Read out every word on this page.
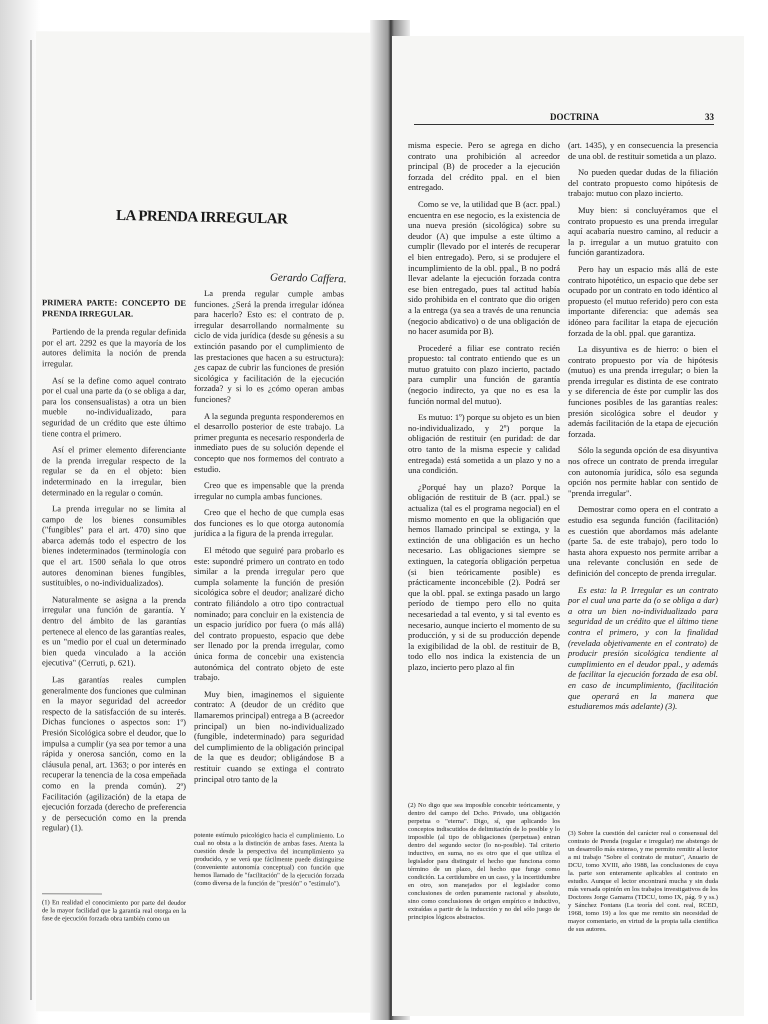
LA PRENDA IRREGULAR
Gerardo Caffera.

PRIMERA PARTE: CONCEPTO DE PRENDA IRREGULAR.

Partiendo de la prenda regular definida por el art. 2292 es que la mayoría de los autores delimita la noción de prenda irregular.

Así se la define como aquel contrato por el cual una parte da (o se obliga a dar, para los consensualistas) a otra un bien mueble no-individualizado, para seguridad de un crédito que este último tiene contra el primero.

Así el primer elemento diferenciante de la prenda irregular respecto de la regular se da en el objeto: bien indeterminado en la irregular, bien determinado en la regular o común.

La prenda irregular no se limita al campo de los bienes consumibles ("fungibles" para el art. 470) sino que abarca además todo el espectro de los bienes indeterminados (terminología con que el art. 1500 señala lo que otros autores denominan bienes fungibles, sustituibles, o no-individualizados).

Naturalmente se asigna a la prenda irregular una función de garantía. Y dentro del ámbito de las garantías pertenece al elenco de las garantías reales, es un "medio por el cual un determinado bien queda vinculado a la acción ejecutiva" (Cerruti, p. 621).

Las garantías reales cumplen generalmente dos funciones que culminan en la mayor seguridad del acreedor respecto de la satisfacción de su interés. Dichas funciones o aspectos son: 1º) Presión Sicológica sobre el deudor, que lo impulsa a cumplir (ya sea por temor a una rápida y onerosa sanción, como en la cláusula penal, art. 1363; o por interés en recuperar la tenencia de la cosa empeñada como en la prenda común). 2º) Facilitación (agilización) de la etapa de ejecución forzada (derecho de preferencia y de persecución como en la prenda regular) (1).

La prenda regular cumple ambas funciones. ¿Será la prenda irregular idónea para hacerlo? Esto es: el contrato de p. irregular desarrollando normalmente su ciclo de vida jurídica (desde su génesis a su extinción pasando por el cumplimiento de las prestaciones que hacen a su estructura): ¿es capaz de cubrir las funciones de presión sicológica y facilitación de la ejecución forzada? y si lo es ¿cómo operan ambas funciones?

A la segunda pregunta responderemos en el desarrollo posterior de este trabajo. La primer pregunta es necesario responderla de inmediato pues de su solución depende el concepto que nos formemos del contrato a estudio.

Creo que es impensable que la prenda irregular no cumpla ambas funciones.

Creo que el hecho de que cumpla esas dos funciones es lo que otorga autonomía jurídica a la figura de la prenda irregular.

El método que seguiré para probarlo es este: supondré primero un contrato en todo similar a la prenda irregular pero que cumpla solamente la función de presión sicológica sobre el deudor; analizaré dicho contrato filiándolo a otro tipo contractual nominado; para concluir en la existencia de un espacio jurídico por fuera (o más allá) del contrato propuesto, espacio que debe ser llenado por la prenda irregular, como única forma de concebir una existencia autonómica del contrato objeto de este trabajo.

Muy bien, imaginemos el siguiente contrato: A (deudor de un crédito que llamaremos principal) entrega a B (acreedor principal) un bien no-individualizado (fungible, indeterminado) para seguridad del cumplimiento de la obligación principal de la que es deudor; obligándose B a restituir cuando se extinga el contrato principal otro tanto de la

(1) En realidad el conocimiento por parte del deudor de la mayor facilidad que la garantía real otorga en la fase de ejecución forzada obra también como un
potente estímulo psicológico hacia el cumplimiento. Lo cual no obsta a la distinción de ambas fases. Atenta la cuestión desde la perspectiva del incumplimiento ya producido, y se verá que fácilmente puede distinguirse (conveniente autonomía conceptual) con función que hemos llamado de "facilitación" de la ejecución forzada (como diversa de la función de "presión" o "estímulo").
DOCTRINA	33

misma especie. Pero se agrega en dicho contrato una prohibición al acreedor principal (B) de proceder a la ejecución forzada del crédito ppal. en el bien entregado.

Como se ve, la utilidad que B (acr. ppal.) encuentra en ese negocio, es la existencia de una nueva presión (sicológica) sobre su deudor (A) que impulse a este último a cumplir (llevado por el interés de recuperar el bien entregado). Pero, si se produjere el incumplimiento de la obl. ppal., B no podrá llevar adelante la ejecución forzada contra ese bien entregado, pues tal actitud había sido prohibida en el contrato que dio origen a la entrega (ya sea a través de una renuncia (negocio abdicativo) o de una obligación de no hacer asumida por B).

Procederé a filiar ese contrato recién propuesto: tal contrato entiendo que es un mutuo gratuito con plazo incierto, pactado para cumplir una función de garantía (negocio indirecto, ya que no es esa la función normal del mutuo).

Es mutuo: 1º) porque su objeto es un bien no-individualizado, y 2º) porque la obligación de restituir (en puridad: de dar otro tanto de la misma especie y calidad entregada) está sometida a un plazo y no a una condición.

¿Porqué hay un plazo? Porque la obligación de restituir de B (acr. ppal.) se actualiza (tal es el programa negocial) en el mismo momento en que la obligación que hemos llamado principal se extinga, y la extinción de una obligación es un hecho necesario. Las obligaciones siempre se extinguen, la categoría obligación perpetua (si bien teóricamente posible) es prácticamente inconcebible (2). Podrá ser que la obl. ppal. se extinga pasado un largo período de tiempo pero ello no quita necesariedad a tal evento, y si tal evento es necesario, aunque incierto el momento de su producción, y si de su producción depende la exigibilidad de la obl. de restituir de B, todo ello nos indica la existencia de un plazo, incierto pero plazo al fin

(art. 1435), y en consecuencia la presencia de una obl. de restituir sometida a un plazo.

No pueden quedar dudas de la filiación del contrato propuesto como hipótesis de trabajo: mutuo con plazo incierto.

Muy bien: si concluyéramos que el contrato propuesto es una prenda irregular aquí acabaría nuestro camino, al reducir a la p. irregular a un mutuo gratuito con función garantizadora.

Pero hay un espacio más allá de este contrato hipotético, un espacio que debe ser ocupado por un contrato en todo idéntico al propuesto (el mutuo referido) pero con esta importante diferencia: que además sea idóneo para facilitar la etapa de ejecución forzada de la obl. ppal. que garantiza.

La disyuntiva es de hierro: o bien el contrato propuesto por vía de hipótesis (mutuo) es una prenda irregular; o bien la prenda irregular es distinta de ese contrato y se diferencia de éste por cumplir las dos funciones posibles de las garantías reales: presión sicológica sobre el deudor y además facilitación de la etapa de ejecución forzada.

Sólo la segunda opción de esa disyuntiva nos ofrece un contrato de prenda irregular con autonomía jurídica, sólo esa segunda opción nos permite hablar con sentido de "prenda irregular".

Demostrar como opera en el contrato a estudio esa segunda función (facilitación) es cuestión que abordamos más adelante (parte 5a. de este trabajo), pero todo lo hasta ahora expuesto nos permite arribar a una relevante conclusión en sede de definición del concepto de prenda irregular.

Es esta: la P. Irregular es un contrato por el cual una parte da (o se obliga a dar) a otra un bien no-individualizado para seguridad de un crédito que el último tiene contra el primero, y con la finalidad (revelada objetivamente en el contrato) de producir presión sicológica tendiente al cumplimiento en el deudor ppal., y además de facilitar la ejecución forzada de esa obl. en caso de incumplimiento, (facilitación que operará en la manera que estudiaremos más adelante) (3).

(2) No digo que sea imposible concebir teóricamente, y dentro del campo del Dcho. Privado, una obligación perpetua o "eterna". Digo, sí, que aplicando los conceptos indiscutidos de delimitación de lo posible y lo imposible (al tipo de obligaciones (perpetuas) entran dentro del segundo sector (lo no-posible). Tal criterio inductivo, en suma, no es otro que el que utiliza el legislador para distinguir el hecho que funciona como término de un plazo, del hecho que funge como condición. La certidumbre en un caso, y la incertidumbre en otro, son manejados por el legislador como conclusiones de orden puramente racional y absoluto, sino como conclusiones de origen empírico e inductivo, extraídas a partir de la inducción y no del sólo juego de principios lógicos abstractos.
(3) Sobre la cuestión del carácter real o consensual del contrato de Prenda (regular e irregular) me abstengo de un desarrollo más extenso, y me permito remitir al lector a mi trabajo "Sobre el contrato de mutuo", Anuario de DCU, tomo XVIII, año 1988, las conclusiones de cuya la. parte son enteramente aplicables al contrato en estudio. Aunque el lector encontrará mucha y sin duda más versada opinión en los trabajos investigativos de los Doctores Jorge Gamarra (TDCU, tomo IX, pág. 9 y ss.) y Sánchez Fontans (La teoría del cont. real, RCED, 1968, tomo 19) a los que me remito sin necesidad de mayor comentario, en virtud de la propia talla científica de sus autores.
